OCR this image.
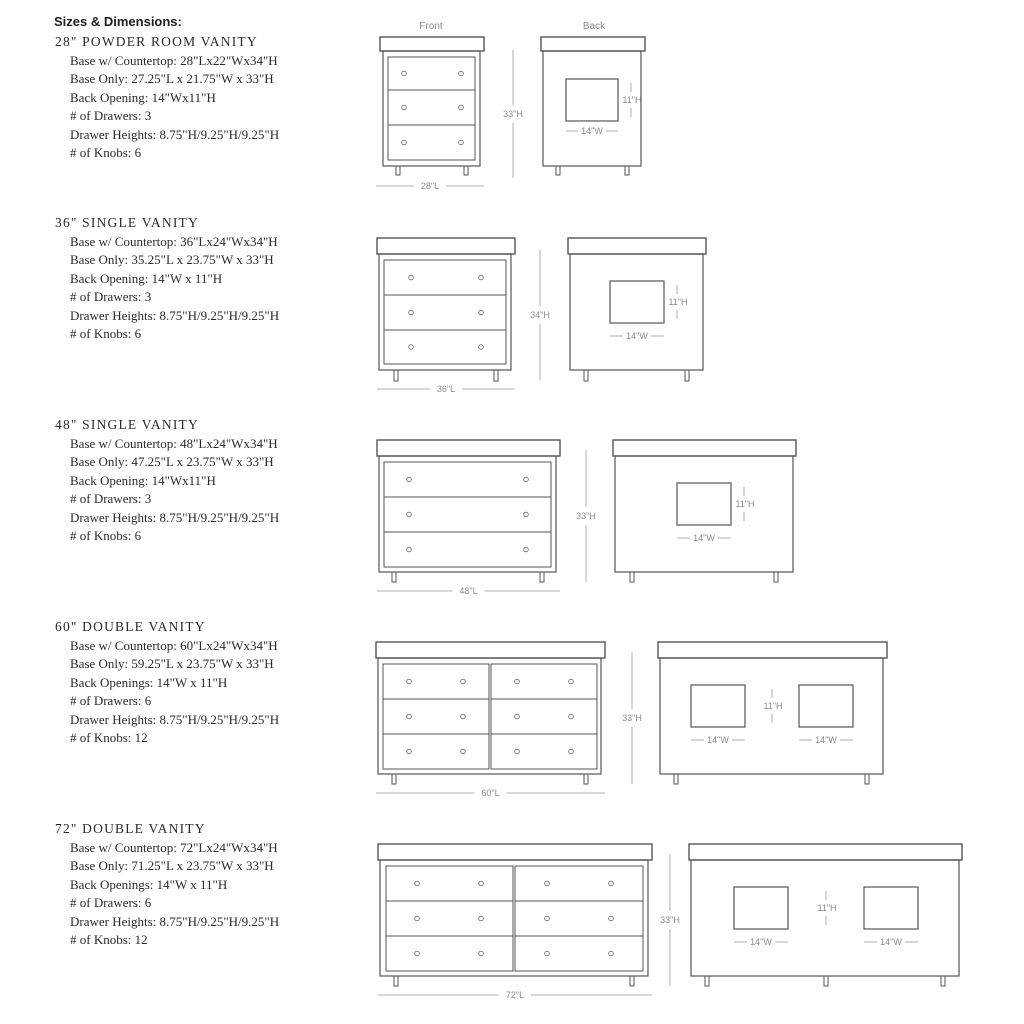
Sizes & Dimensions:
28" POWDER ROOM VANITY
Base w/ Countertop: 28"Lx22"Wx34"H
Base Only: 27.25"L x 21.75"W x 33"H
Back Opening: 14"Wx11"H
# of Drawers: 3
Drawer Heights: 8.75"H/9.25"H/9.25"H
# of Knobs: 6
36" SINGLE VANITY
Base w/ Countertop: 36"Lx24"Wx34"H
Base Only: 35.25"L x 23.75"W x 33"H
Back Opening: 14"W x 11"H
# of Drawers: 3
Drawer Heights: 8.75"H/9.25"H/9.25"H
# of Knobs: 6
48" SINGLE VANITY
Base w/ Countertop: 48"Lx24"Wx34"H
Base Only: 47.25"L x 23.75"W x 33"H
Back Opening: 14"Wx11"H
# of Drawers: 3
Drawer Heights: 8.75"H/9.25"H/9.25"H
# of Knobs: 6
60" DOUBLE VANITY
Base w/ Countertop: 60"Lx24"Wx34"H
Base Only: 59.25"L x 23.75"W x 33"H
Back Openings: 14"W x 11"H
# of Drawers: 6
Drawer Heights: 8.75"H/9.25"H/9.25"H
# of Knobs: 12
72" DOUBLE VANITY
Base w/ Countertop: 72"Lx24"Wx34"H
Base Only: 71.25"L x 23.75"W x 33"H
Back Openings: 14"W x 11"H
# of Drawers: 6
Drawer Heights: 8.75"H/9.25"H/9.25"H
# of Knobs: 12
Front	Back
28"L
33"H
14"W
11"H
36"L
34"H
14"W
11"H
48"L
33"H
14"W
11"H
60"L
33"H
14"W	14"W
11"H
72"L
33"H
14"W	14"W
11"H
